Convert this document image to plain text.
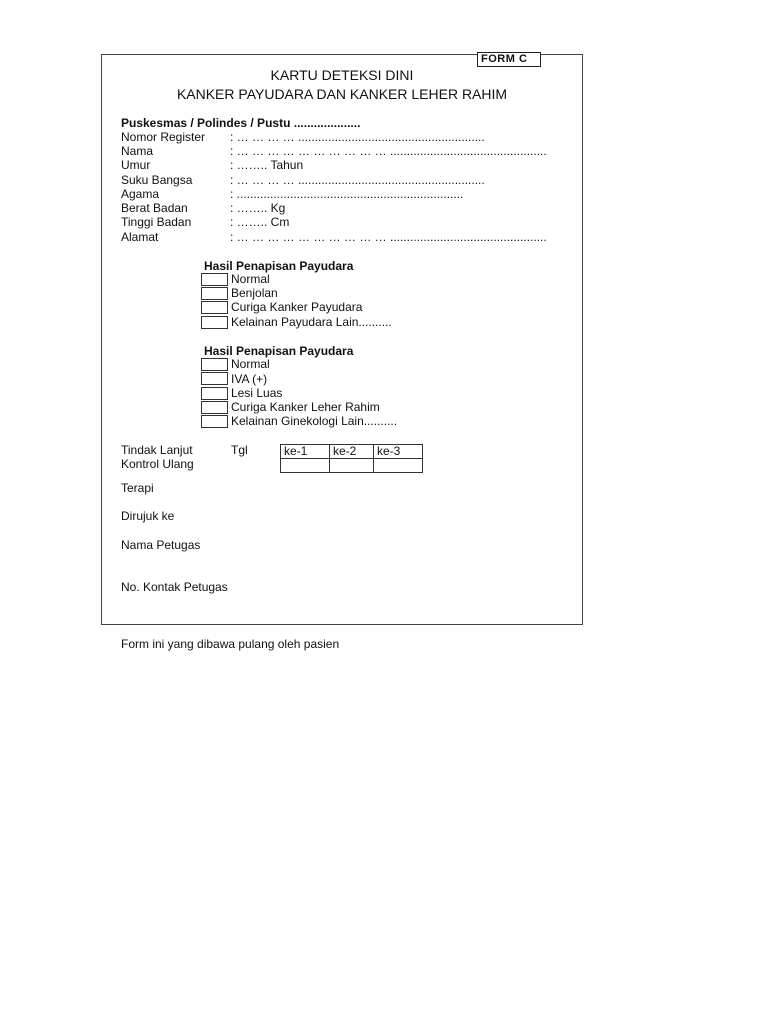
FORM C
KARTU DETEKSI DINI
KANKER PAYUDARA DAN KANKER LEHER RAHIM
Puskesmas / Polindes / Pustu ....................
Nomor Register : … … … … ........................................................
Nama	: … … … … … … … … … … ...............................................
Umur	: …….. Tahun
Suku Bangsa	: … … … … ........................................................
Agama	: ....................................................................
Berat Badan	: …….. Kg
Tinggi Badan	: …….. Cm
Alamat	: … … … … … … … … … … ...............................................
Hasil Penapisan Payudara
Normal
Benjolan
Curiga Kanker Payudara
Kelainan Payudara Lain..........
Hasil Penapisan Payudara
Normal
IVA (+)
Lesi Luas
Curiga Kanker Leher Rahim
Kelainan Ginekologi Lain..........
Tindak Lanjut
Kontrol Ulang
Tgl	ke-1	ke-2	ke-3

Terapi
Dirujuk ke
Nama Petugas
No. Kontak Petugas
Form ini yang dibawa pulang oleh pasien
